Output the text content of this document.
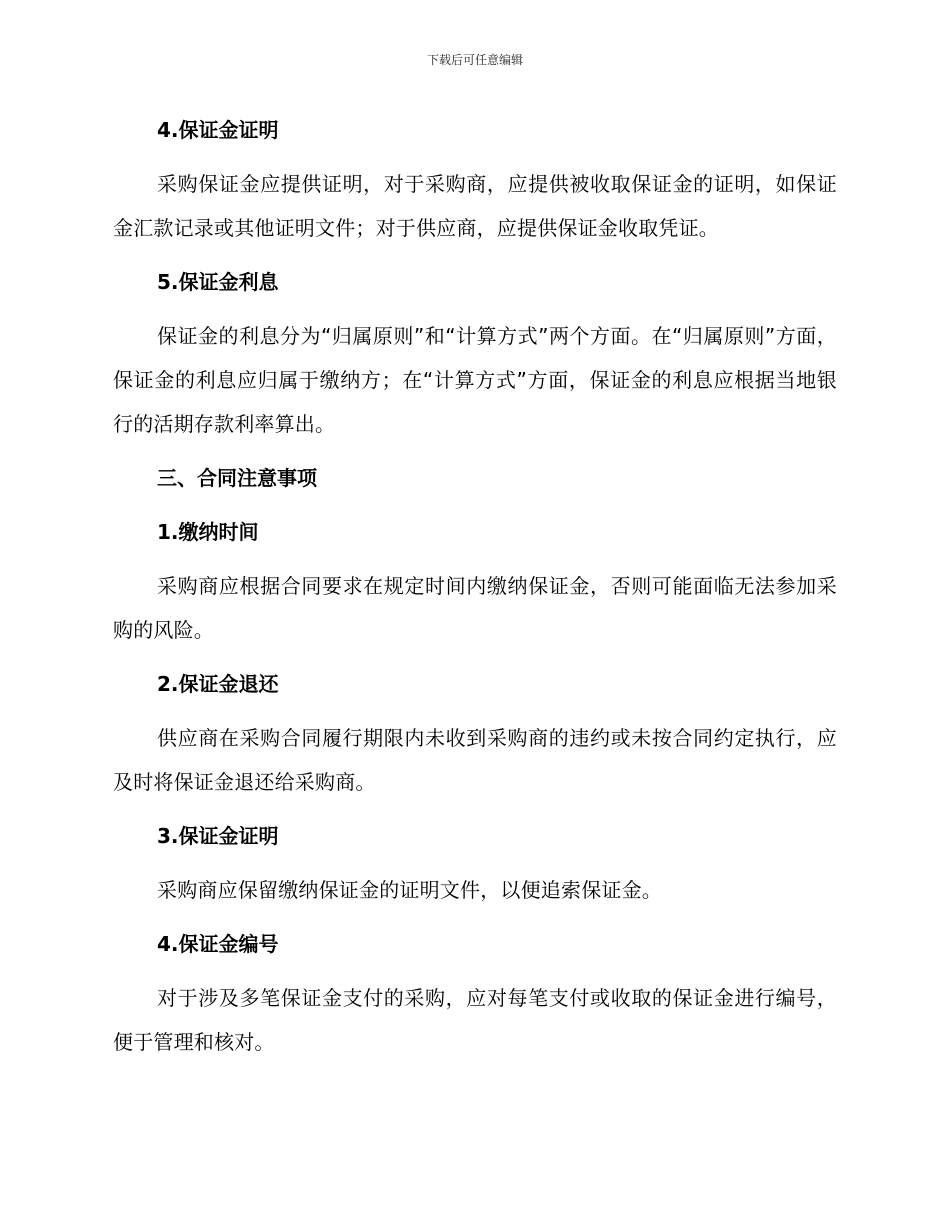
下载后可任意编辑
4.保证金证明
采购保证金应提供证明，对于采购商，应提供被收取保证金的证明，如保证金汇款记录或其他证明文件；对于供应商，应提供保证金收取凭证。
5.保证金利息
保证金的利息分为“归属原则”和“计算方式”两个方面。在“归属原则”方面，保证金的利息应归属于缴纳方；在“计算方式”方面，保证金的利息应根据当地银行的活期存款利率算出。
三、合同注意事项
1.缴纳时间
采购商应根据合同要求在规定时间内缴纳保证金，否则可能面临无法参加采购的风险。
2.保证金退还
供应商在采购合同履行期限内未收到采购商的违约或未按合同约定执行，应及时将保证金退还给采购商。
3.保证金证明
采购商应保留缴纳保证金的证明文件，以便追索保证金。
4.保证金编号
对于涉及多笔保证金支付的采购，应对每笔支付或收取的保证金进行编号，便于管理和核对。
